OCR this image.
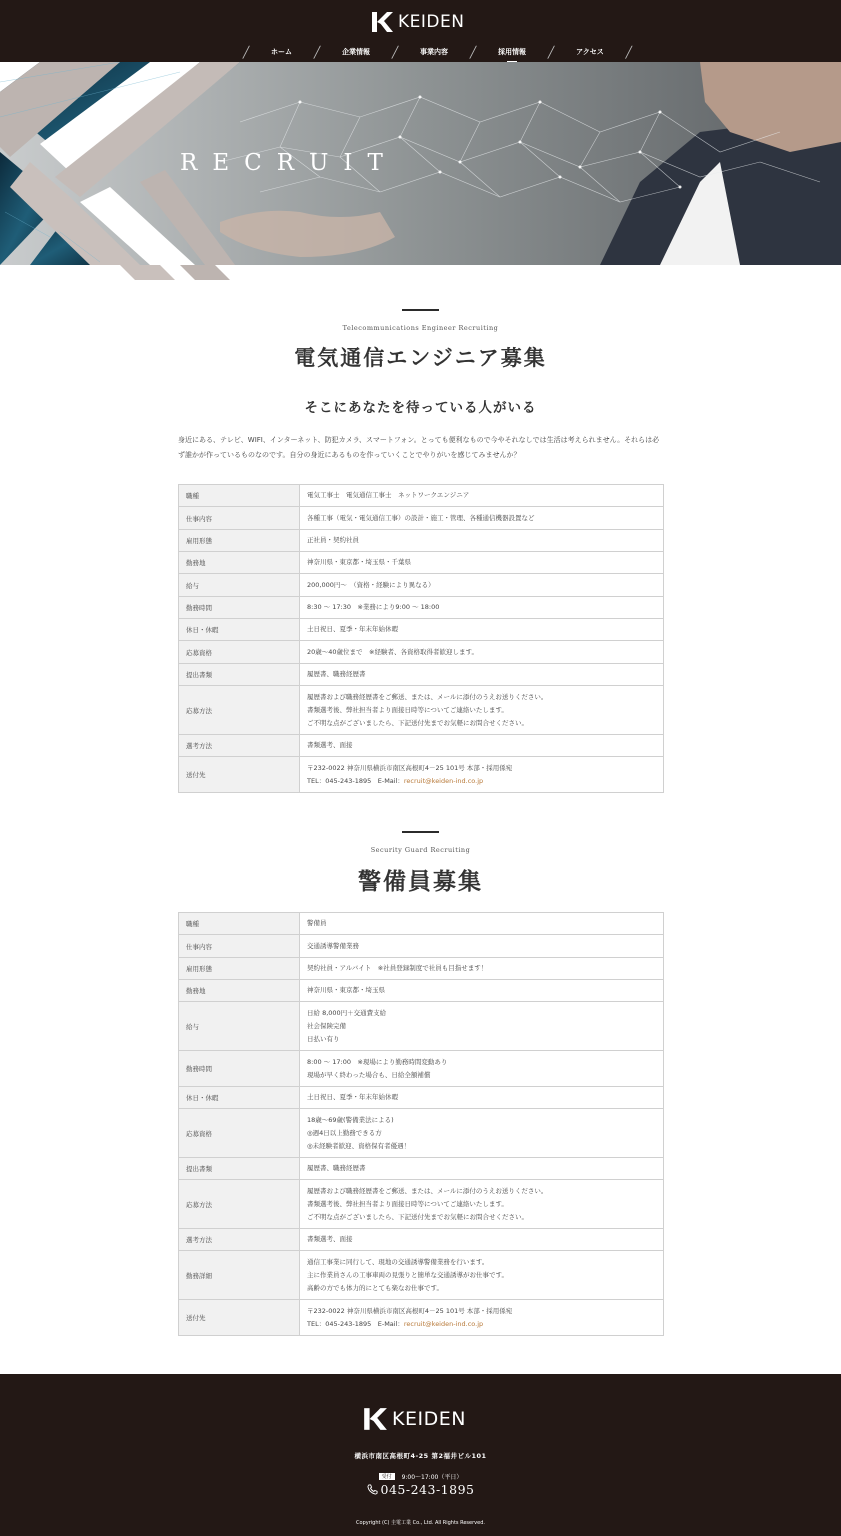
KEIDEN
╱	ホーム	╱	企業情報	╱	事業内容	╱	採用情報	╱	アクセス	╱
RECRUIT
Telecommunications Engineer Recruiting
電気通信エンジニア募集
そこにあなたを待っている人がいる

身近にある、テレビ、WIFI、インターネット、防犯カメラ、スマートフォン。とっても便利なもので今やそれなしでは生活は考えられません。それらは必ず誰かが作っているものなのです。自分の身近にあるものを作っていくことでやりがいを感じてみませんか？

職種	電気工事士　電気通信工事士　ネットワークエンジニア

仕事内容	各種工事（電気・電気通信工事）の設計・施工・管理、各種通信機器設置など

雇用形態	正社員・契約社員

勤務地	神奈川県・東京都・埼玉県・千葉県

給与	200,000円～　（資格・経験により異なる）

勤務時間	8:30 ～ 17:30　※業務により9:00 ～ 18:00

休日・休暇	土日祝日、夏季・年末年始休暇

応募資格	20歳～40歳位まで　※経験者、各資格取得者歓迎します。

提出書類	履歴書、職務経歴書

応募方法	履歴書および職務経歴書をご郵送、または、メールに添付のうえお送りください。
書類選考後、弊社担当者より面接日時等についてご連絡いたします。
ご不明な点がございましたら、下記送付先までお気軽にお問合せください。

選考方法	書類選考、面接

送付先	〒232-0022 神奈川県横浜市南区高根町4－25 101号 本部・採用係宛
TEL：045-243-1895　E-Mail：recruit@keiden-ind.co.jp
Security Guard Recruiting
警備員募集
職種	警備員

仕事内容	交通誘導警備業務

雇用形態	契約社員・アルバイト　※社員登録制度で社員も目指せます！

勤務地	神奈川県・東京都・埼玉県

給与	日給 8,000円＋交通費支給
社会保険完備
日払い有り

勤務時間	8:00 ～ 17:00　※現場により勤務時間変動あり
現場が早く終わった場合も、日給全額補償

休日・休暇	土日祝日、夏季・年末年始休暇

応募資格	18歳～69歳(警備業法による)
◎週4日以上勤務できる方
◎未経験者歓迎、資格保有者優遇！

提出書類	履歴書、職務経歴書

応募方法	履歴書および職務経歴書をご郵送、または、メールに添付のうえお送りください。
書類選考後、弊社担当者より面接日時等についてご連絡いたします。
ご不明な点がございましたら、下記送付先までお気軽にお問合せください。

選考方法	書類選考、面接

勤務詳細	通信工事業に同行して、現地の交通誘導警備業務を行います。
主に作業員さんの工事車両の見張りと簡単な交通誘導がお仕事です。
高齢の方でも体力的にとても楽なお仕事です。

送付先	〒232-0022 神奈川県横浜市南区高根町4－25 101号 本部・採用係宛
TEL：045-243-1895　E-Mail：recruit@keiden-ind.co.jp
KEIDEN
横浜市南区高根町4-25 第2福井ビル101
受付 9:00〜17:00（平日）
045-243-1895
Copyright (C) 圭電工業 Co., Ltd. All Rights Reserved.
